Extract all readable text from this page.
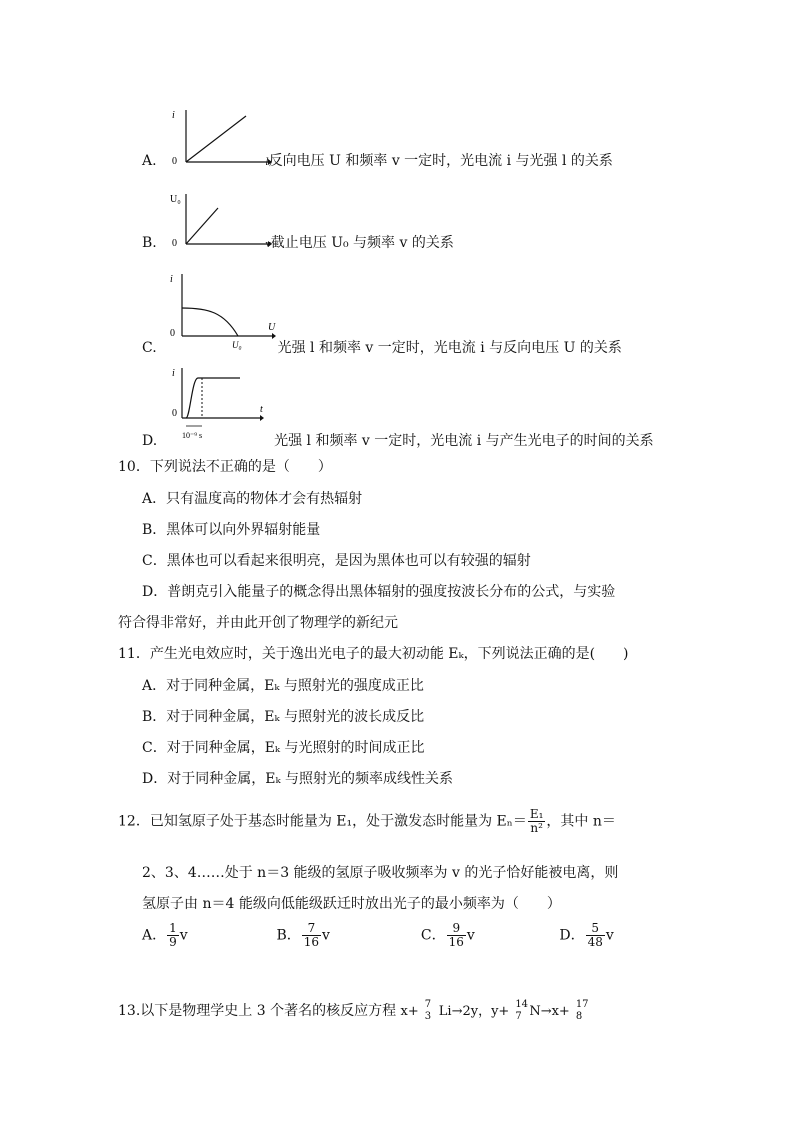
i
0
A.	l反向电压 U 和频率 v 一定时，光电流 i 与光强 l 的关系
U₀
0
B.	v截止电压 U₀ 与频率 v 的关系
i
0
U₀
U
C.	光强 l 和频率 v 一定时，光电流 i 与反向电压 U 的关系
i
0
10⁻⁹ s
t
D.	光强 l 和频率 v 一定时，光电流 i 与产生光电子的时间的关系
10．下列说法不正确的是（　　）
A．只有温度高的物体才会有热辐射
B．黑体可以向外界辐射能量
C．黑体也可以看起来很明亮，是因为黑体也可以有较强的辐射
D．普朗克引入能量子的概念得出黑体辐射的强度按波长分布的公式，与实验
符合得非常好，并由此开创了物理学的新纪元
11．产生光电效应时，关于逸出光电子的最大初动能 Eₖ，下列说法正确的是(　　)
A．对于同种金属，Eₖ 与照射光的强度成正比
B．对于同种金属，Eₖ 与照射光的波长成反比
C．对于同种金属，Eₖ 与光照射的时间成正比
D．对于同种金属，Eₖ 与照射光的频率成线性关系
12．已知氢原子处于基态时能量为 E₁，处于激发态时能量为 $E_n= \frac{\text{E₁}}{\text{n²}}$ ，其中 n＝
2、3、4……处于 n＝3 能级的氢原子吸收频率为 v 的光子恰好能被电离，则
氢原子由 n＝4 能级向低能级跃迁时放出光子的最小频率为（　　）
A． $\frac{1}{9}$ v	B． $\frac{7}{16}$ v	C． $\frac{9}{16}$ v	D． $\frac{5}{48}$ v
13.以下是物理学史上 3 个著名的核反应方程 x+ 7
3 Li→2y，y+ 14
7 N→x+ 17
8
